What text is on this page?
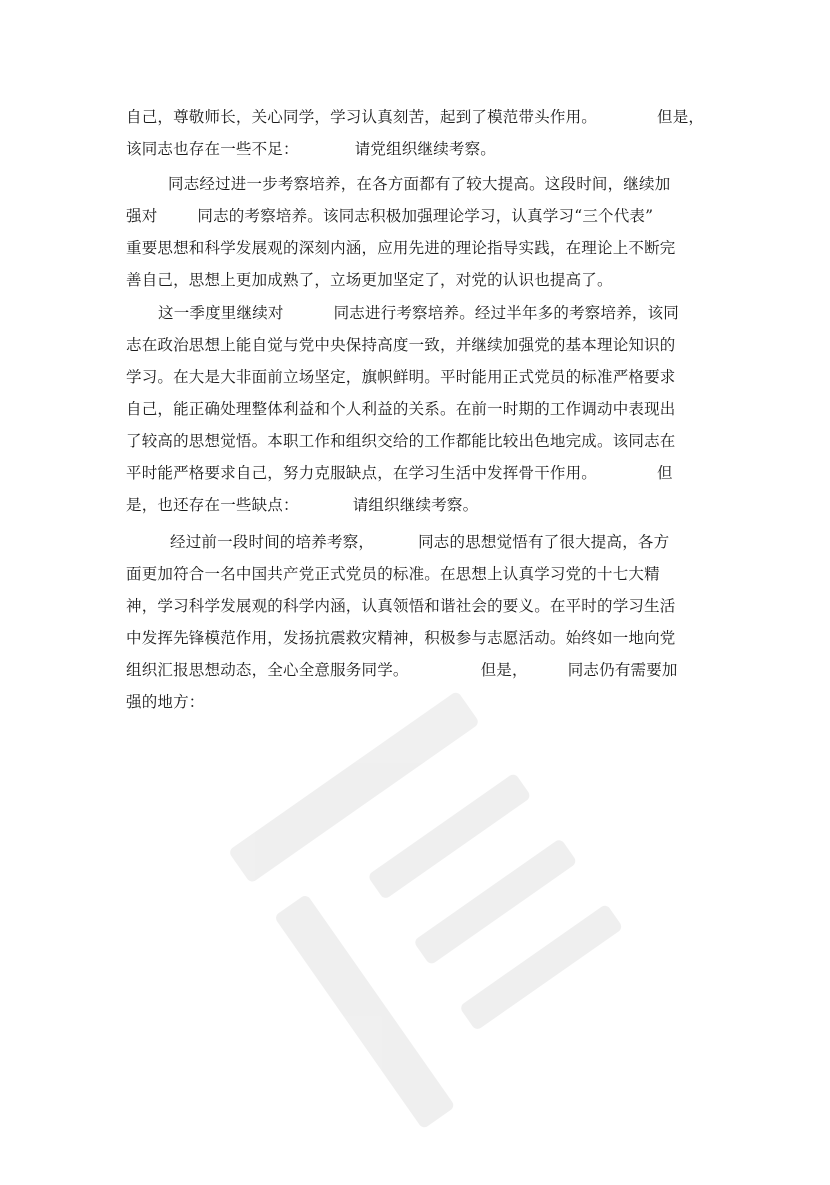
自己，尊敬师长，关心同学，学习认真刻苦，起到了模范带头作用。	但是，
该同志也存在一些不足：	请党组织继续考察。
同志经过进一步考察培养，在各方面都有了较大提高。这段时间，继续加
强对	同志的考察培养。该同志积极加强理论学习，认真学习“三个代表”
重要思想和科学发展观的深刻内涵，应用先进的理论指导实践，在理论上不断完
善自己，思想上更加成熟了，立场更加坚定了，对党的认识也提高了。
这一季度里继续对	同志进行考察培养。经过半年多的考察培养，该同
志在政治思想上能自觉与党中央保持高度一致，并继续加强党的基本理论知识的
学习。在大是大非面前立场坚定，旗帜鲜明。平时能用正式党员的标准严格要求
自己，能正确处理整体利益和个人利益的关系。在前一时期的工作调动中表现出
了较高的思想觉悟。本职工作和组织交给的工作都能比较出色地完成。该同志在
平时能严格要求自己，努力克服缺点，在学习生活中发挥骨干作用。	但
是，也还存在一些缺点：	请组织继续考察。
经过前一段时间的培养考察，	同志的思想觉悟有了很大提高，各方
面更加符合一名中国共产党正式党员的标准。在思想上认真学习党的十七大精
神，学习科学发展观的科学内涵，认真领悟和谐社会的要义。在平时的学习生活
中发挥先锋模范作用，发扬抗震救灾精神，积极参与志愿活动。始终如一地向党
组织汇报思想动态，全心全意服务同学。	但是，	同志仍有需要加
强的地方：
